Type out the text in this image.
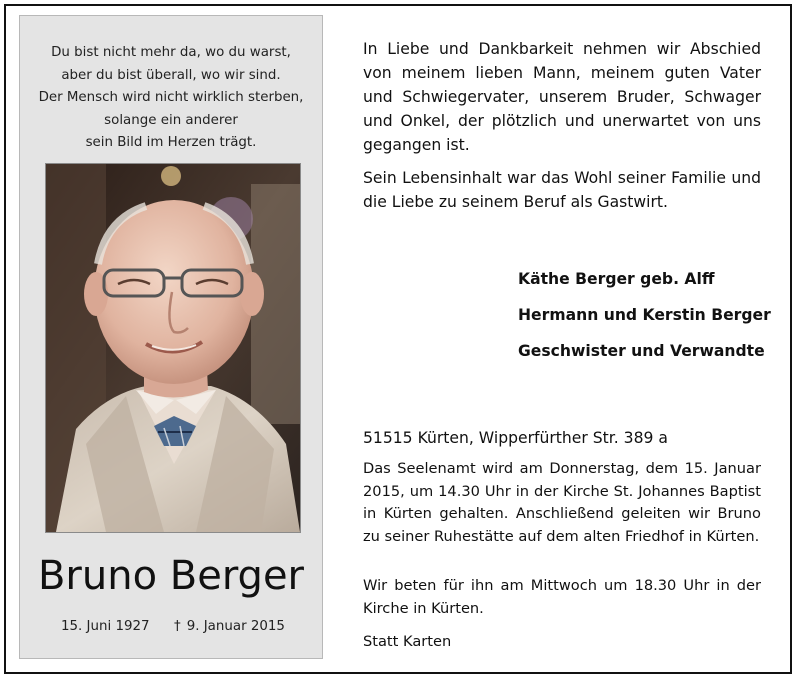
Du bist nicht mehr da, wo du warst,
aber du bist überall, wo wir sind.
Der Mensch wird nicht wirklich sterben,
solange ein anderer
sein Bild im Herzen trägt.
Bruno Berger
15. Juni 1927 † 9. Januar 2015

In Liebe und Dankbarkeit nehmen wir Abschied von meinem lieben Mann, meinem guten Vater und Schwiegervater, unserem Bruder, Schwager und Onkel, der plötzlich und unerwartet von uns gegangen ist.

Sein Lebensinhalt war das Wohl seiner Familie und die Liebe zu seinem Beruf als Gastwirt.

Käthe Berger geb. Alff
Hermann und Kerstin Berger
Geschwister und Verwandte
51515 Kürten, Wipperfürther Str. 389 a

Das Seelenamt wird am Donnerstag, dem 15. Januar 2015, um 14.30 Uhr in der Kirche St. Johannes Baptist in Kürten gehalten. Anschließend geleiten wir Bruno zu seiner Ruhestätte auf dem alten Friedhof in Kürten.

Wir beten für ihn am Mittwoch um 18.30 Uhr in der Kirche in Kürten.

Statt Karten
